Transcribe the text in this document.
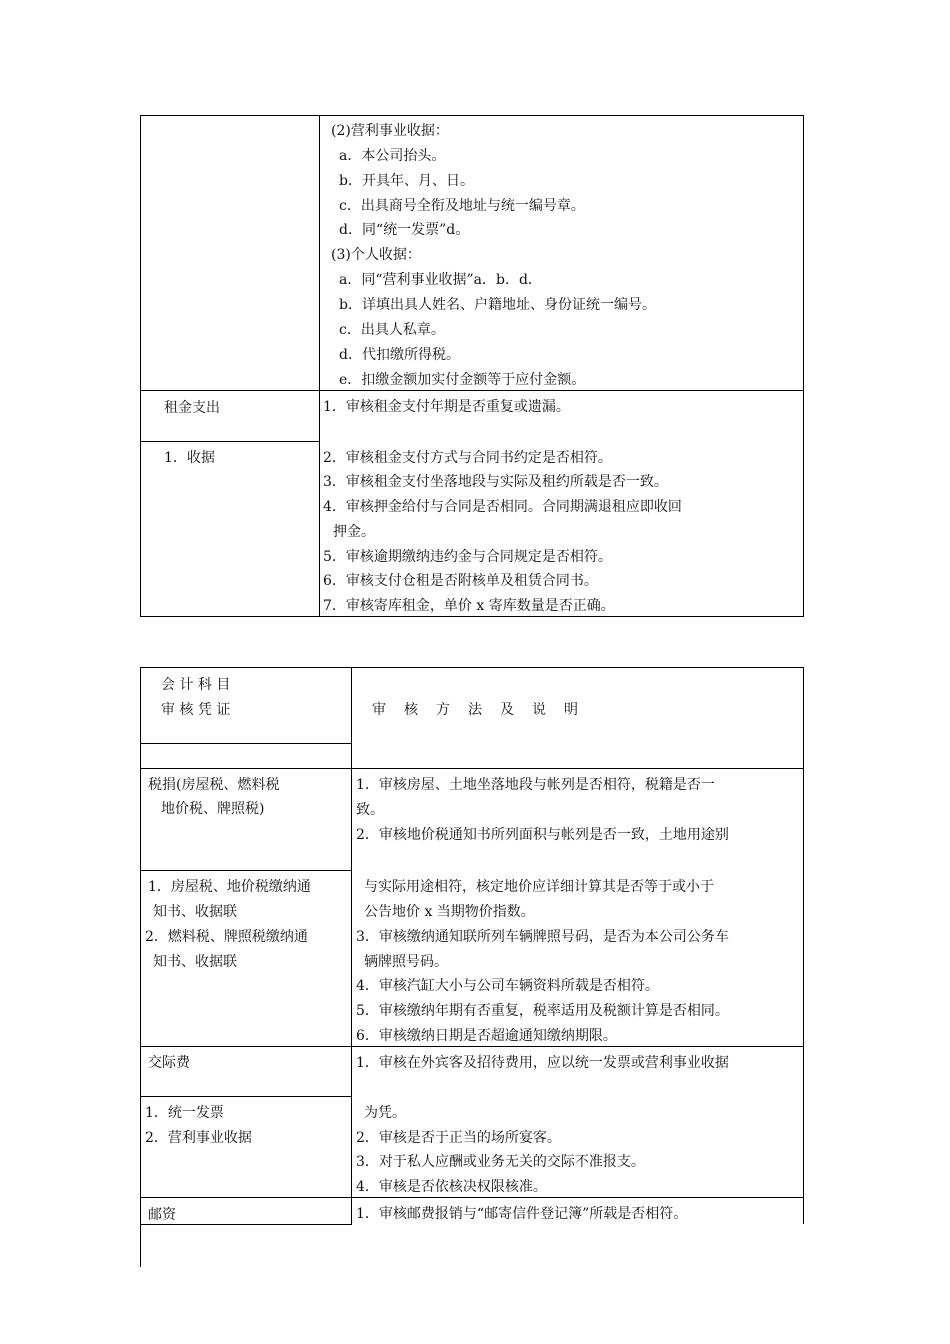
(2)营利事业收据：
a．本公司抬头。
b．开具年、月、日。
c．出具商号全衔及地址与统一编号章。
d．同“统一发票”d。
(3)个人收据：
a．同“营利事业收据”a．b．d．
b．详填出具人姓名、户籍地址、身份证统一编号。
c．出具人私章。
d．代扣缴所得税。
e．扣缴金额加实付金额等于应付金额。
租金支出
1．收据
1．审核租金支付年期是否重复或遗漏。
2．审核租金支付方式与合同书约定是否相符。
3．审核租金支付坐落地段与实际及租约所载是否一致。
4．审核押金给付与合同是否相同。合同期满退租应即收回
押金。
5．审核逾期缴纳违约金与合同规定是否相符。
6．审核支付仓租是否附核单及租赁合同书。
7．审核寄库租金，单价 x 寄库数量是否正确。
会 计 科 目
审 核 凭 证	审　核　方　法　及　说　明
税捐(房屋税、燃料税
地价税、牌照税)
1．房屋税、地价税缴纳通
知书、收据联
2．燃料税、牌照税缴纳通
知书、收据联
1．审核房屋、土地坐落地段与帐列是否相符，税籍是否一
致。
2．审核地价税通知书所列面积与帐列是否一致，土地用途别
与实际用途相符，核定地价应详细计算其是否等于或小于
公告地价 x 当期物价指数。
3．审核缴纳通知联所列车辆牌照号码，是否为本公司公务车
辆牌照号码。
4．审核汽缸大小与公司车辆资料所载是否相符。
5．审核缴纳年期有否重复，税率适用及税额计算是否相同。
6．审核缴纳日期是否超逾通知缴纳期限。
交际费
1．统一发票
2．营利事业收据
1．审核在外宾客及招待费用，应以统一发票或营利事业收据
为凭。
2．审核是否于正当的场所宴客。
3．对于私人应酬或业务无关的交际不准报支。
4．审核是否依核决权限核准。
邮资	1．审核邮费报销与“邮寄信件登记簿”所载是否相符。
